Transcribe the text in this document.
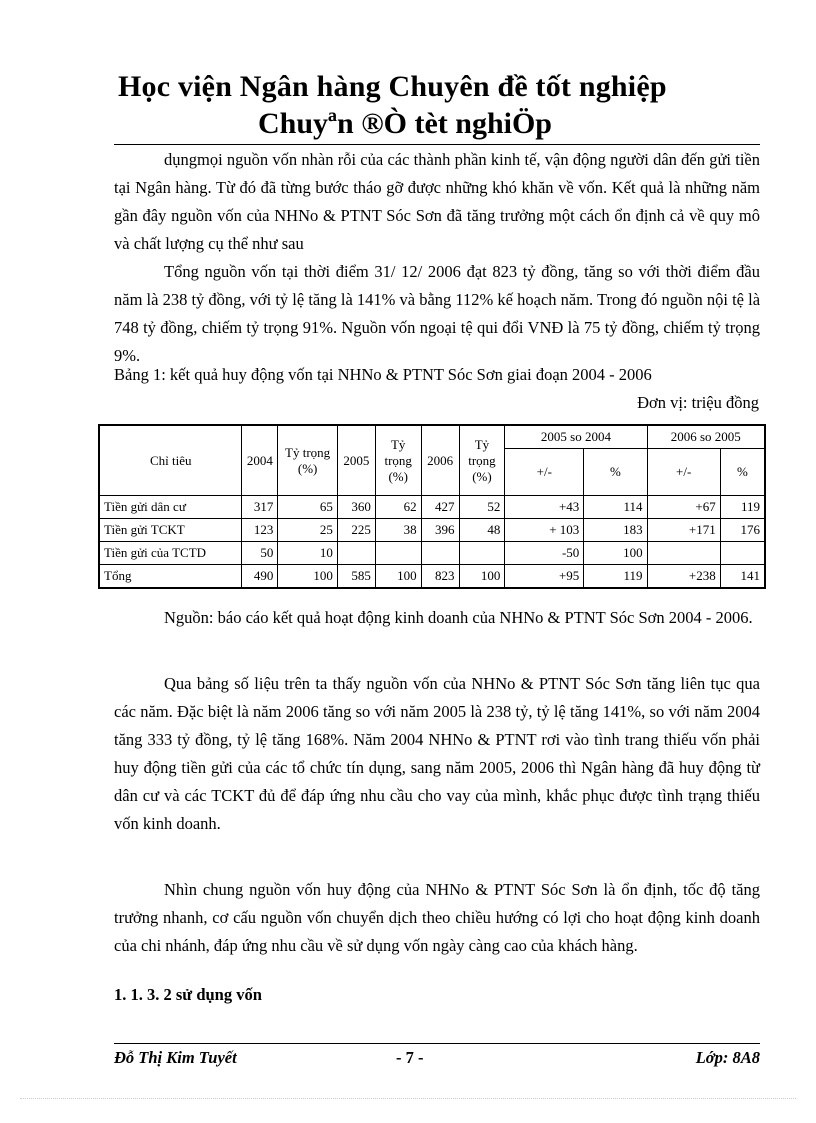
Học viện Ngân hàng Chuyên đề tốt nghiệp
Chuyªn ®Ò tèt nghiÖp

dụngmọi nguồn vốn nhàn rỗi của các thành phần kinh tế, vận động người dân đến gửi tiền tại Ngân hàng. Từ đó đã từng bước tháo gỡ được những khó khăn về vốn. Kết quả là những năm gần đây nguồn vốn của NHNo & PTNT Sóc Sơn đã tăng trưởng một cách ổn định cả về quy mô và chất lượng cụ thể như sau

Tổng nguồn vốn tại thời điểm 31/ 12/ 2006 đạt 823 tỷ đồng, tăng so với thời điểm đầu năm là 238 tỷ đồng, với tỷ lệ tăng là 141% và bằng 112% kế hoạch năm. Trong đó nguồn nội tệ là 748 tỷ đồng, chiếm tỷ trọng 91%. Nguồn vốn ngoại tệ qui đổi VNĐ là 75 tỷ đồng, chiếm tỷ trọng 9%.

Bảng 1: kết quả huy động vốn tại NHNo & PTNT Sóc Sơn giai đoạn 2004 - 2006
Đơn vị: triệu đồng
Chỉ tiêu	2004	Tỷ trọng (%)	2005	Tỷ trọng (%)	2006	Tỷ trọng (%)	2005 so 2004		2006 so 2005	
							+/-	%	+/-	%
Tiền gửi dân cư	317	65	360	62	427	52	+43	114	+67	119
Tiền gửi TCKT	123	25	225	38	396	48	+ 103	183	+171	176
Tiền gửi của TCTD	50	10					-50	100		
Tổng	490	100	585	100	823	100	+95	119	+238	141

Nguồn: báo cáo kết quả hoạt động kinh doanh của NHNo & PTNT Sóc Sơn 2004 - 2006.

Qua bảng số liệu trên ta thấy nguồn vốn của NHNo & PTNT Sóc Sơn tăng liên tục qua các năm. Đặc biệt là năm 2006 tăng so với năm 2005 là 238 tỷ, tỷ lệ tăng 141%, so với năm 2004 tăng 333 tỷ đồng, tỷ lệ tăng 168%. Năm 2004 NHNo & PTNT rơi vào tình trang thiếu vốn phải huy động tiền gửi của các tổ chức tín dụng, sang năm 2005, 2006 thì Ngân hàng đã huy động từ dân cư và các TCKT đủ để đáp ứng nhu cầu cho vay của mình, khắc phục được tình trạng thiếu vốn kinh doanh.

Nhìn chung nguồn vốn huy động của NHNo & PTNT Sóc Sơn là ổn định, tốc độ tăng trưởng nhanh, cơ cấu nguồn vốn chuyển dịch theo chiều hướng có lợi cho hoạt động kinh doanh của chi nhánh, đáp ứng nhu cầu về sử dụng vốn ngày càng cao của khách hàng.

1. 1. 3. 2 sử dụng vốn
Đỗ Thị Kim Tuyết	- 7 -	Lớp: 8A8
